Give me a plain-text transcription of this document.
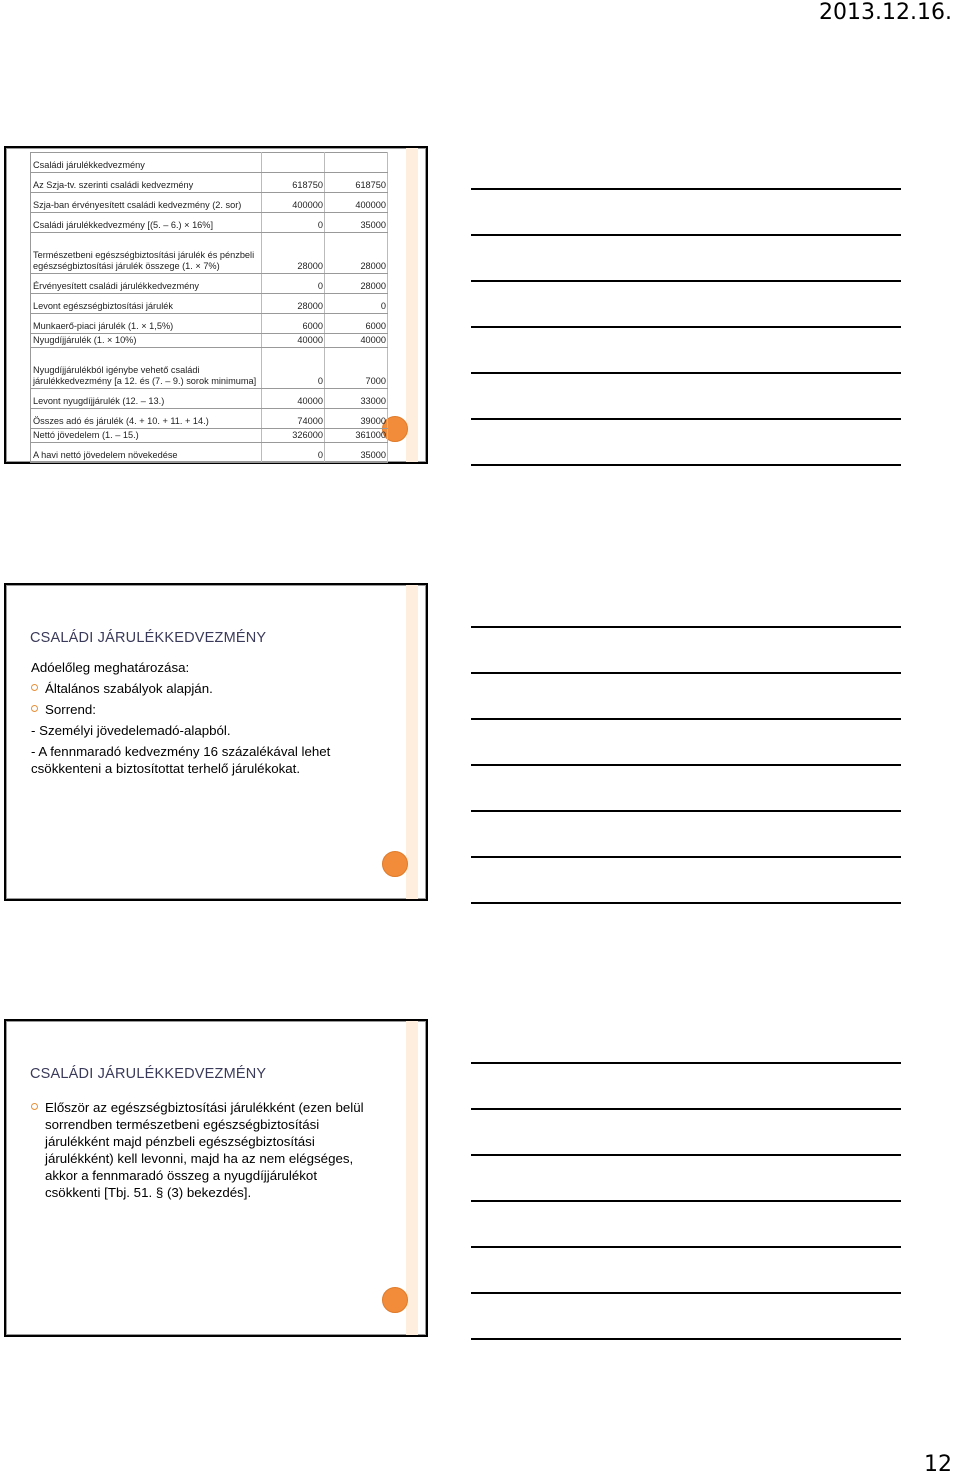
2013.12.16.
Családi járulékkedvezmény		
Az Szja-tv. szerinti családi kedvezmény	618750	618750
Szja-ban érvényesített családi kedvezmény (2. sor)	400000	400000
Családi járulékkedvezmény [(5. – 6.) × 16%]	0	35000
Természetbeni egészségbiztosítási járulék és pénzbeli egészségbiztosítási járulék összege (1. × 7%)	28000	28000
Érvényesített családi járulékkedvezmény	0	28000
Levont egészségbiztosítási járulék	28000	0
Munkaerő-piaci járulék (1. × 1,5%)	6000	6000
Nyugdíjjárulék (1. × 10%)	40000	40000
Nyugdíjjárulékból igénybe vehető családi járulékkedvezmény [a 12. és (7. – 9.) sorok minimuma]	0	7000
Levont nyugdíjjárulék (12. – 13.)	40000	33000
Összes adó és járulék (4. + 10. + 11. + 14.)	74000	39000
Nettó jövedelem (1. – 15.)	326000	361000
A havi nettó jövedelem növekedése	0	35000
CSALÁDI JÁRULÉKKEDVEZMÉNY
Adóelőleg meghatározása:
Általános szabályok alapján.
Sorrend:
- Személyi jövedelemadó-alapból.
- A fennmaradó kedvezmény 16 százalékával lehet csökkenteni a biztosítottat terhelő járulékokat.
CSALÁDI JÁRULÉKKEDVEZMÉNY
Először az egészségbiztosítási járulékként (ezen belül sorrendben természetbeni egészségbiztosítási járulékként majd pénzbeli egészségbiztosítási járulékként) kell levonni, majd ha az nem elégséges, akkor a fennmaradó összeg a nyugdíjjárulékot csökkenti [Tbj. 51. § (3) bekezdés].
12
